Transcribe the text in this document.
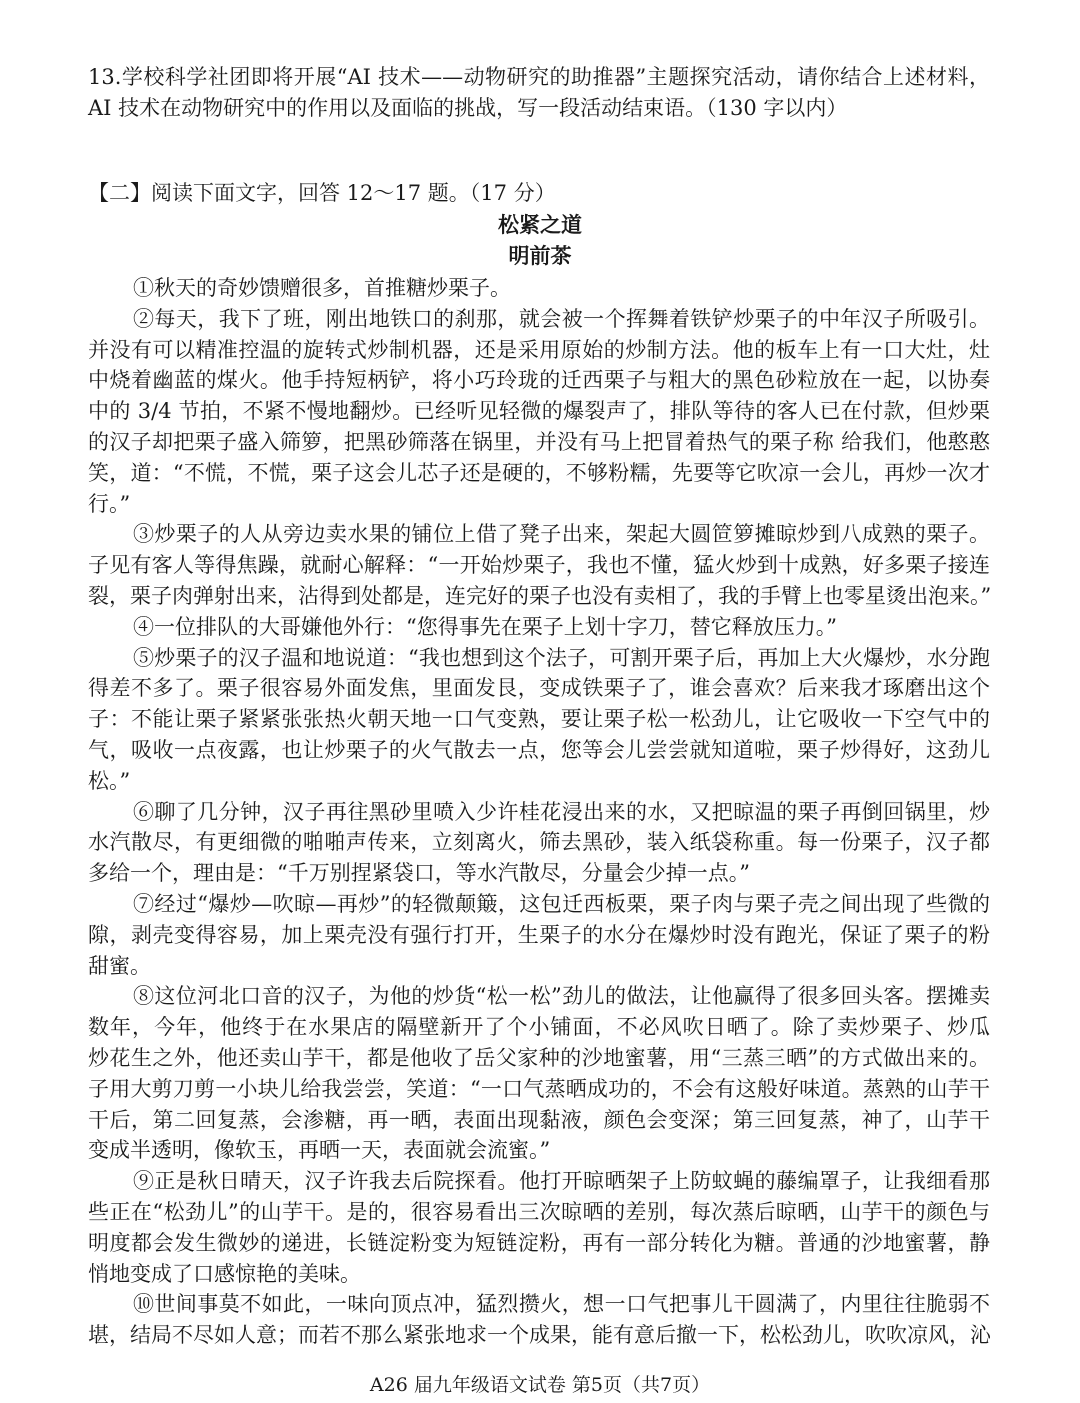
13.学校科学社团即将开展“AI 技术——动物研究的助推器”主题探究活动，请你结合上述材料，
AI 技术在动物研究中的作用以及面临的挑战，写一段活动结束语。（130 字以内）
【二】阅读下面文字，回答 12～17 题。（17 分）
松紧之道
明前茶
①秋天的奇妙馈赠很多，首推糖炒栗子。
②每天，我下了班，刚出地铁口的刹那，就会被一个挥舞着铁铲炒栗子的中年汉子所吸引。
并没有可以精准控温的旋转式炒制机器，还是采用原始的炒制方法。他的板车上有一口大灶，灶
中烧着幽蓝的煤火。他手持短柄铲，将小巧玲珑的迁西栗子与粗大的黑色砂粒放在一起，以协奏
中的 3/4 节拍，不紧不慢地翻炒。已经听见轻微的爆裂声了，排队等待的客人已在付款，但炒栗
的汉子却把栗子盛入筛箩，把黑砂筛落在锅里，并没有马上把冒着热气的栗子称 给我们，他憨憨
笑，道：“不慌，不慌，栗子这会儿芯子还是硬的，不够粉糯，先要等它吹凉一会儿，再炒一次才
行。”
③炒栗子的人从旁边卖水果的铺位上借了凳子出来，架起大圆笸箩摊晾炒到八成熟的栗子。
子见有客人等得焦躁，就耐心解释：“一开始炒栗子，我也不懂，猛火炒到十成熟，好多栗子接连
裂，栗子肉弹射出来，沾得到处都是，连完好的栗子也没有卖相了，我的手臂上也零星烫出泡来。”
④一位排队的大哥嫌他外行：“您得事先在栗子上划十字刀，替它释放压力。”
⑤炒栗子的汉子温和地说道：“我也想到这个法子，可割开栗子后，再加上大火爆炒，水分跑
得差不多了。栗子很容易外面发焦，里面发艮，变成铁栗子了，谁会喜欢？后来我才琢磨出这个
子：不能让栗子紧紧张张热火朝天地一口气变熟，要让栗子松一松劲儿，让它吸收一下空气中的
气，吸收一点夜露，也让炒栗子的火气散去一点，您等会儿尝尝就知道啦，栗子炒得好，这劲儿
松。”
⑥聊了几分钟，汉子再往黑砂里喷入少许桂花浸出来的水，又把晾温的栗子再倒回锅里，炒
水汽散尽，有更细微的啪啪声传来，立刻离火，筛去黑砂，装入纸袋称重。每一份栗子，汉子都
多给一个，理由是：“千万别捏紧袋口，等水汽散尽，分量会少掉一点。”
⑦经过“爆炒—吹晾—再炒”的轻微颠簸，这包迁西板栗，栗子肉与栗子壳之间出现了些微的
隙，剥壳变得容易，加上栗壳没有强行打开，生栗子的水分在爆炒时没有跑光，保证了栗子的粉
甜蜜。
⑧这位河北口音的汉子，为他的炒货“松一松”劲儿的做法，让他赢得了很多回头客。摆摊卖
数年，今年，他终于在水果店的隔壁新开了个小铺面，不必风吹日晒了。除了卖炒栗子、炒瓜
炒花生之外，他还卖山芋干，都是他收了岳父家种的沙地蜜薯，用“三蒸三晒”的方式做出来的。
子用大剪刀剪一小块儿给我尝尝，笑道：“一口气蒸晒成功的，不会有这般好味道。蒸熟的山芋干
干后，第二回复蒸，会渗糖，再一晒，表面出现黏液，颜色会变深；第三回复蒸，神了，山芋干
变成半透明，像软玉，再晒一天，表面就会流蜜。”
⑨正是秋日晴天，汉子许我去后院探看。他打开晾晒架子上防蚊蝇的藤编罩子，让我细看那
些正在“松劲儿”的山芋干。是的，很容易看出三次晾晒的差别，每次蒸后晾晒，山芋干的颜色与
明度都会发生微妙的递进，长链淀粉变为短链淀粉，再有一部分转化为糖。普通的沙地蜜薯，静
悄地变成了口感惊艳的美味。
⑩世间事莫不如此，一味向顶点冲，猛烈攒火，想一口气把事儿干圆满了，内里往往脆弱不
堪，结局不尽如人意；而若不那么紧张地求一个成果，能有意后撤一下，松松劲儿，吹吹凉风，沁
A26 届九年级语文试卷 第5页（共7页）
